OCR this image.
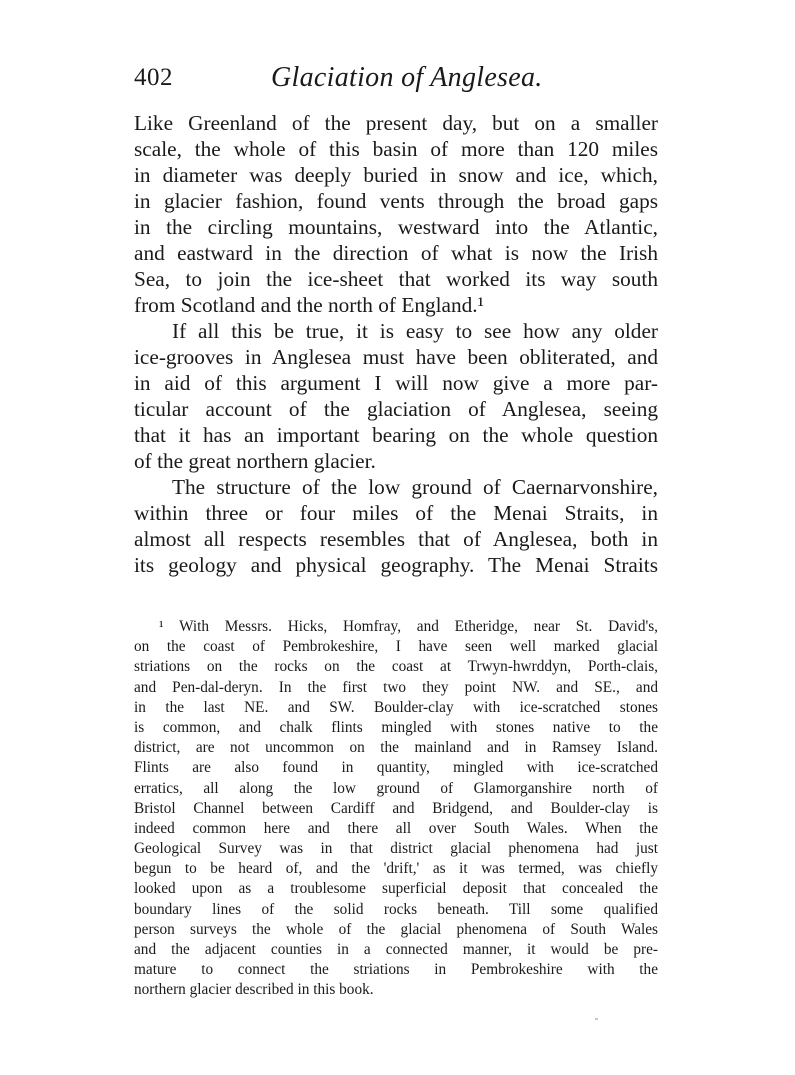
402	Glaciation of Anglesea.
Like Greenland of the present day, but on a smaller
scale, the whole of this basin of more than 120 miles
in diameter was deeply buried in snow and ice, which,
in glacier fashion, found vents through the broad gaps
in the circling mountains, westward into the Atlantic,
and eastward in the direction of what is now the Irish
Sea, to join the ice-sheet that worked its way south
from Scotland and the north of England.¹
If all this be true, it is easy to see how any older
ice-grooves in Anglesea must have been obliterated, and
in aid of this argument I will now give a more par-
ticular account of the glaciation of Anglesea, seeing
that it has an important bearing on the whole question
of the great northern glacier.
The structure of the low ground of Caernarvonshire,
within three or four miles of the Menai Straits, in
almost all respects resembles that of Anglesea, both in
its geology and physical geography. The Menai Straits
¹ With Messrs. Hicks, Homfray, and Etheridge, near St. David's,
on the coast of Pembrokeshire, I have seen well marked glacial
striations on the rocks on the coast at Trwyn-hwrddyn, Porth-clais,
and Pen-dal-deryn. In the first two they point NW. and SE., and
in the last NE. and SW. Boulder-clay with ice-scratched stones
is common, and chalk flints mingled with stones native to the
district, are not uncommon on the mainland and in Ramsey Island.
Flints are also found in quantity, mingled with ice-scratched
erratics, all along the low ground of Glamorganshire north of
Bristol Channel between Cardiff and Bridgend, and Boulder-clay is
indeed common here and there all over South Wales. When the
Geological Survey was in that district glacial phenomena had just
begun to be heard of, and the 'drift,' as it was termed, was chiefly
looked upon as a troublesome superficial deposit that concealed the
boundary lines of the solid rocks beneath. Till some qualified
person surveys the whole of the glacial phenomena of South Wales
and the adjacent counties in a connected manner, it would be pre-
mature to connect the striations in Pembrokeshire with the
northern glacier described in this book.
